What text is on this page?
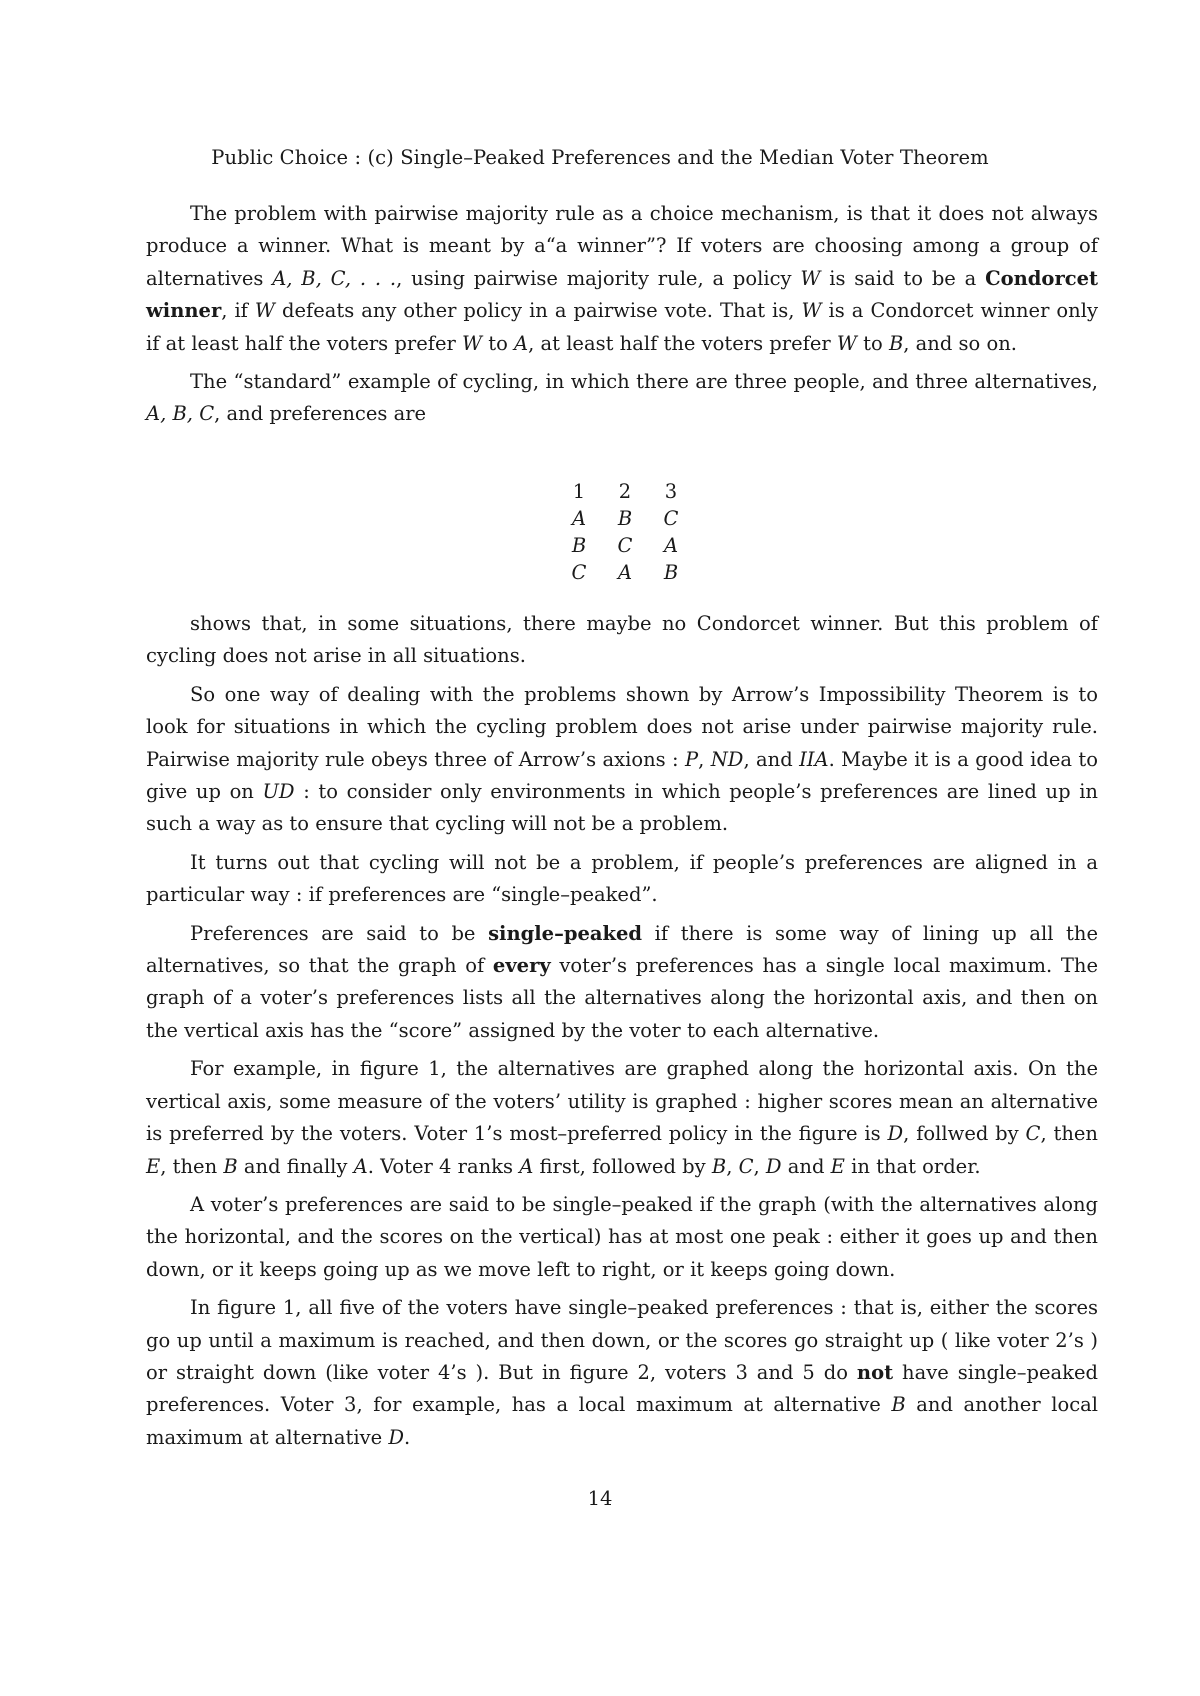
Public Choice : (c) Single–Peaked Preferences and the Median Voter Theorem

The problem with pairwise majority rule as a choice mechanism, is that it does not always produce a winner. What is meant by a“a winner”? If voters are choosing among a group of alternatives A, B, C, . . ., using pairwise majority rule, a policy W is said to be a Condorcet winner, if W defeats any other policy in a pairwise vote. That is, W is a Condorcet winner only if at least half the voters prefer W to A, at least half the voters prefer W to B, and so on.

The “standard” example of cycling, in which there are three people, and three alternatives, A, B, C, and preferences are

1	2	3
A	B	C
B	C	A
C	A	B

shows that, in some situations, there maybe no Condorcet winner. But this problem of cycling does not arise in all situations.

So one way of dealing with the problems shown by Arrow’s Impossibility Theorem is to look for situations in which the cycling problem does not arise under pairwise majority rule. Pairwise majority rule obeys three of Arrow’s axions : P, ND, and IIA. Maybe it is a good idea to give up on UD : to consider only environments in which people’s preferences are lined up in such a way as to ensure that cycling will not be a problem.

It turns out that cycling will not be a problem, if people’s preferences are aligned in a particular way : if preferences are “single–peaked”.

Preferences are said to be single–peaked if there is some way of lining up all the alternatives, so that the graph of every voter’s preferences has a single local maximum. The graph of a voter’s preferences lists all the alternatives along the horizontal axis, and then on the vertical axis has the “score” assigned by the voter to each alternative.

For example, in figure 1, the alternatives are graphed along the horizontal axis. On the vertical axis, some measure of the voters’ utility is graphed : higher scores mean an alternative is preferred by the voters. Voter 1’s most–preferred policy in the figure is D, follwed by C, then E, then B and finally A. Voter 4 ranks A first, followed by B, C, D and E in that order.

A voter’s preferences are said to be single–peaked if the graph (with the alternatives along the horizontal, and the scores on the vertical) has at most one peak : either it goes up and then down, or it keeps going up as we move left to right, or it keeps going down.

In figure 1, all five of the voters have single–peaked preferences : that is, either the scores go up until a maximum is reached, and then down, or the scores go straight up ( like voter 2’s ) or straight down (like voter 4’s ). But in figure 2, voters 3 and 5 do not have single–peaked preferences. Voter 3, for example, has a local maximum at alternative B and another local maximum at alternative D.

14
